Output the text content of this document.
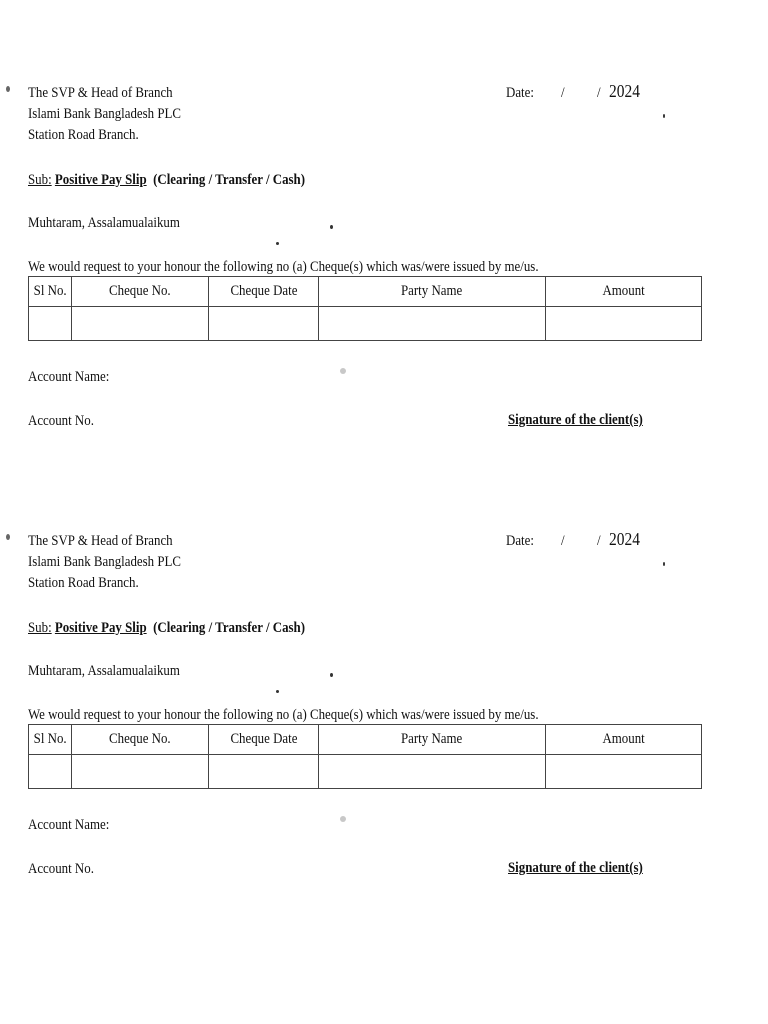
The SVP & Head of Branch
Islami Bank Bangladesh PLC
Station Road Branch.
Date: / / 2024
Sub: Positive Pay Slip (Clearing / Transfer / Cash)
Muhtaram, Assalamualaikum
We would request to your honour the following no (a) Cheque(s) which was/were issued by me/us.
Sl No.	Cheque No.	Cheque Date	Party Name	Amount

Account Name:
Account No.	Signature of the client(s)
The SVP & Head of Branch
Islami Bank Bangladesh PLC
Station Road Branch.
Date: / / 2024
Sub: Positive Pay Slip (Clearing / Transfer / Cash)
Muhtaram, Assalamualaikum
We would request to your honour the following no (a) Cheque(s) which was/were issued by me/us.
Sl No.	Cheque No.	Cheque Date	Party Name	Amount

Account Name:
Account No.	Signature of the client(s)
